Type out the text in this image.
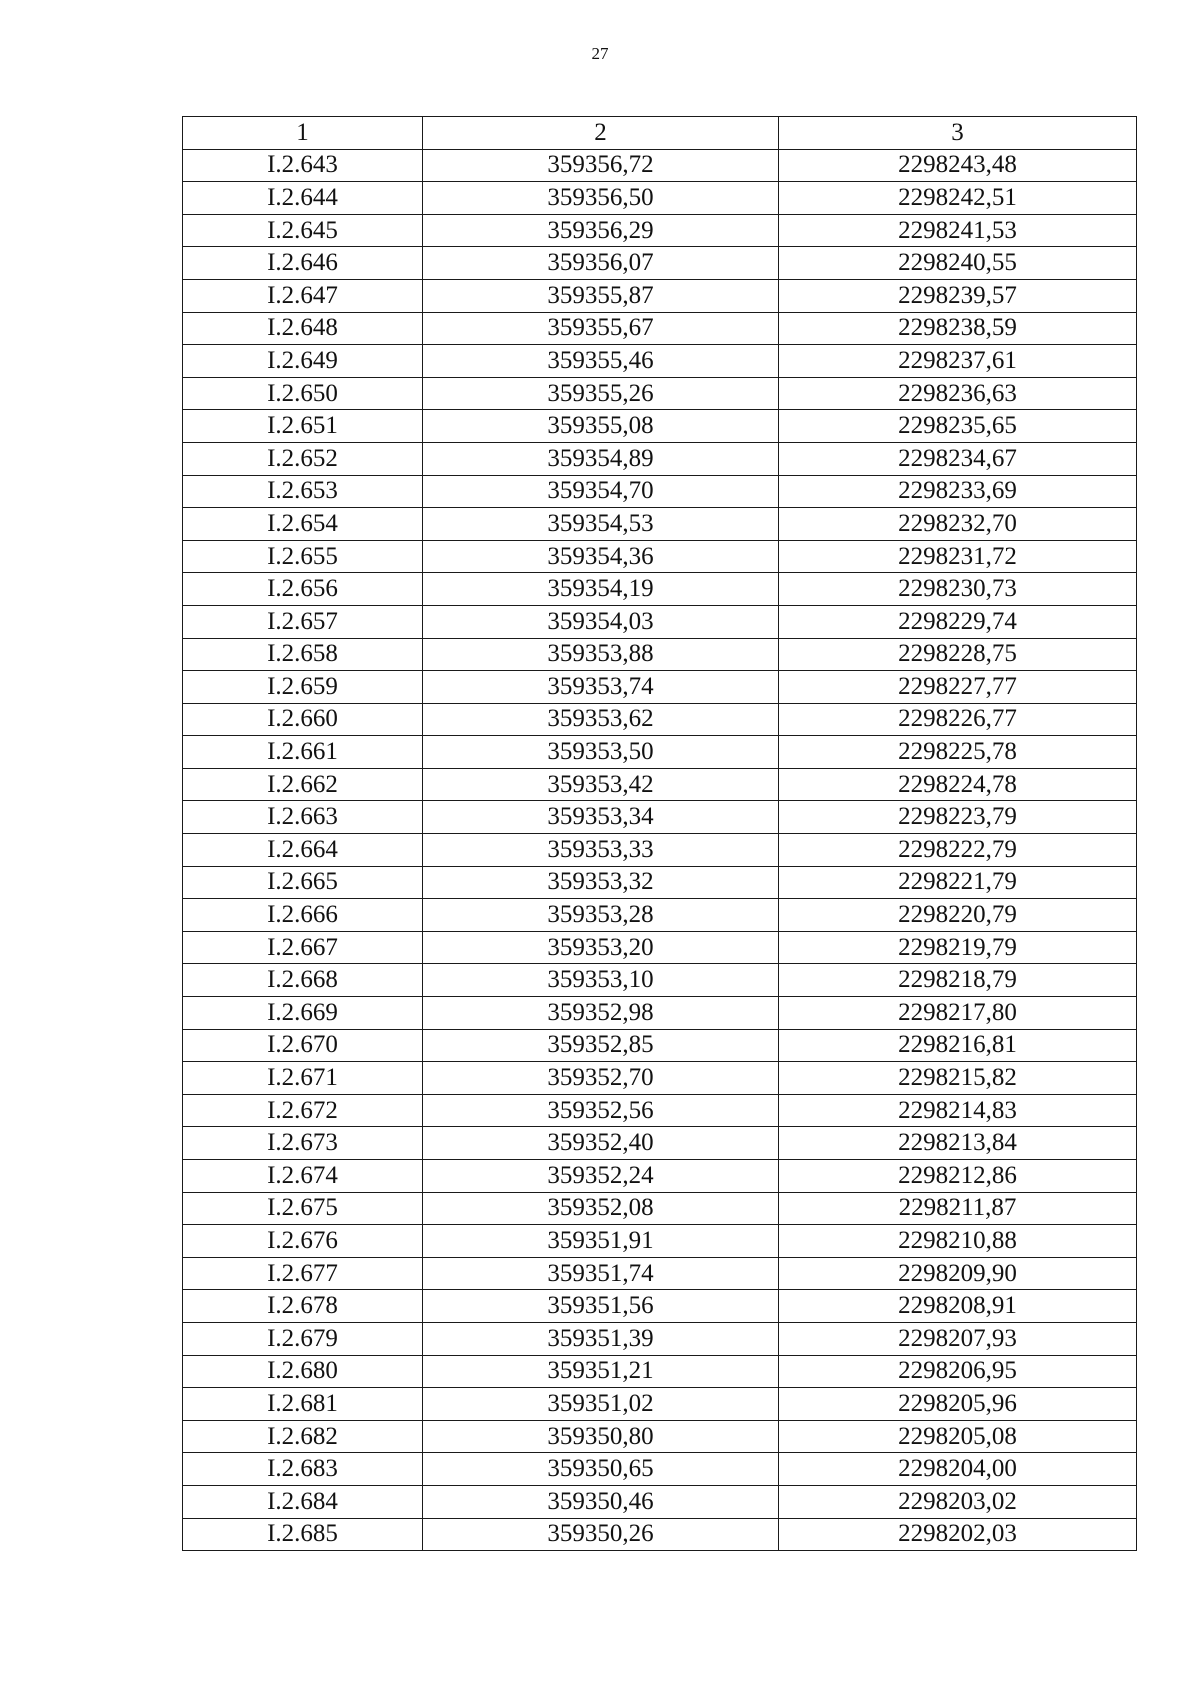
27
1	2	3
I.2.643	359356,72	2298243,48
I.2.644	359356,50	2298242,51
I.2.645	359356,29	2298241,53
I.2.646	359356,07	2298240,55
I.2.647	359355,87	2298239,57
I.2.648	359355,67	2298238,59
I.2.649	359355,46	2298237,61
I.2.650	359355,26	2298236,63
I.2.651	359355,08	2298235,65
I.2.652	359354,89	2298234,67
I.2.653	359354,70	2298233,69
I.2.654	359354,53	2298232,70
I.2.655	359354,36	2298231,72
I.2.656	359354,19	2298230,73
I.2.657	359354,03	2298229,74
I.2.658	359353,88	2298228,75
I.2.659	359353,74	2298227,77
I.2.660	359353,62	2298226,77
I.2.661	359353,50	2298225,78
I.2.662	359353,42	2298224,78
I.2.663	359353,34	2298223,79
I.2.664	359353,33	2298222,79
I.2.665	359353,32	2298221,79
I.2.666	359353,28	2298220,79
I.2.667	359353,20	2298219,79
I.2.668	359353,10	2298218,79
I.2.669	359352,98	2298217,80
I.2.670	359352,85	2298216,81
I.2.671	359352,70	2298215,82
I.2.672	359352,56	2298214,83
I.2.673	359352,40	2298213,84
I.2.674	359352,24	2298212,86
I.2.675	359352,08	2298211,87
I.2.676	359351,91	2298210,88
I.2.677	359351,74	2298209,90
I.2.678	359351,56	2298208,91
I.2.679	359351,39	2298207,93
I.2.680	359351,21	2298206,95
I.2.681	359351,02	2298205,96
I.2.682	359350,80	2298205,08
I.2.683	359350,65	2298204,00
I.2.684	359350,46	2298203,02
I.2.685	359350,26	2298202,03
